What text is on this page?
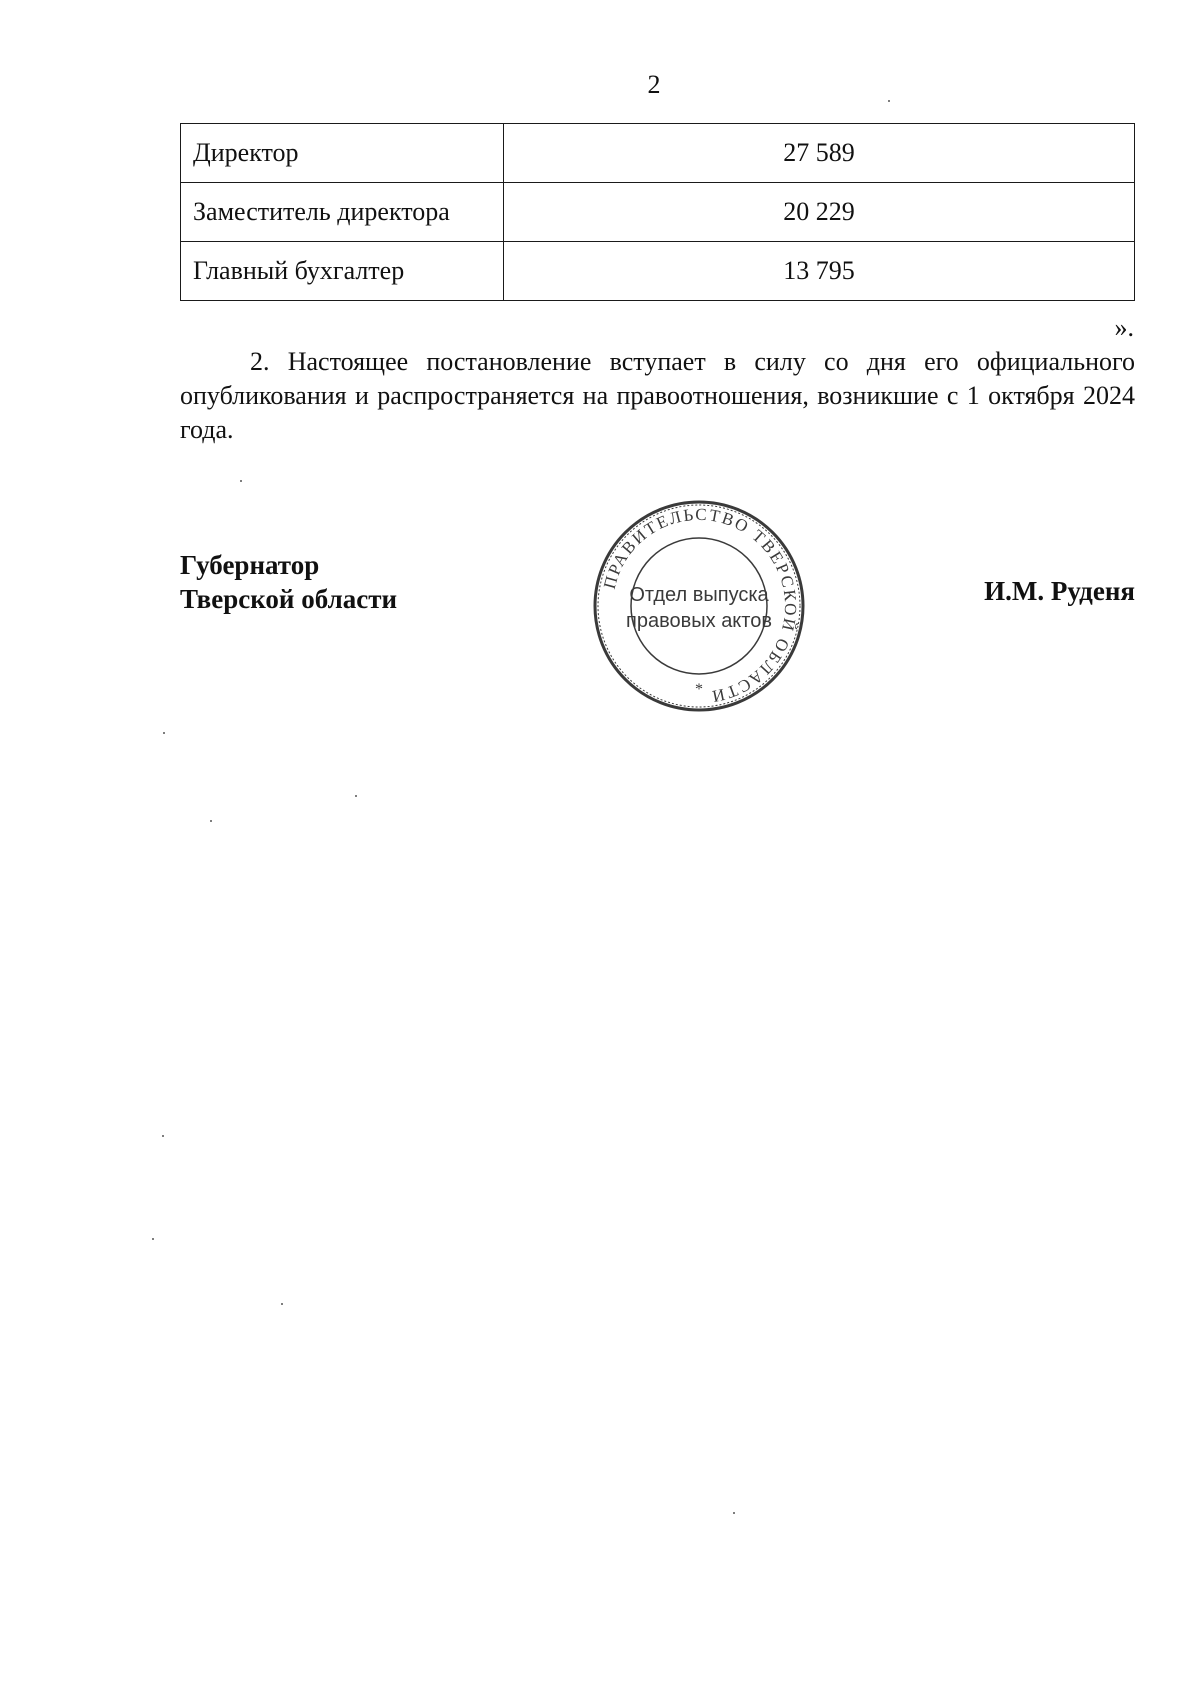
2
Директор	27 589
Заместитель директора	20 229
Главный бухгалтер	13 795
».
2. Настоящее постановление вступает в силу со дня его официального опубликования и распространяется на правоотношения, возникшие с 1 октября 2024 года.
Губернатор
Тверской области	И.М. Руденя
ПРАВИТЕЛЬСТВО ТВЕРСКОЙ ОБЛАСТИ
Отдел выпуска
правовых актов
*
